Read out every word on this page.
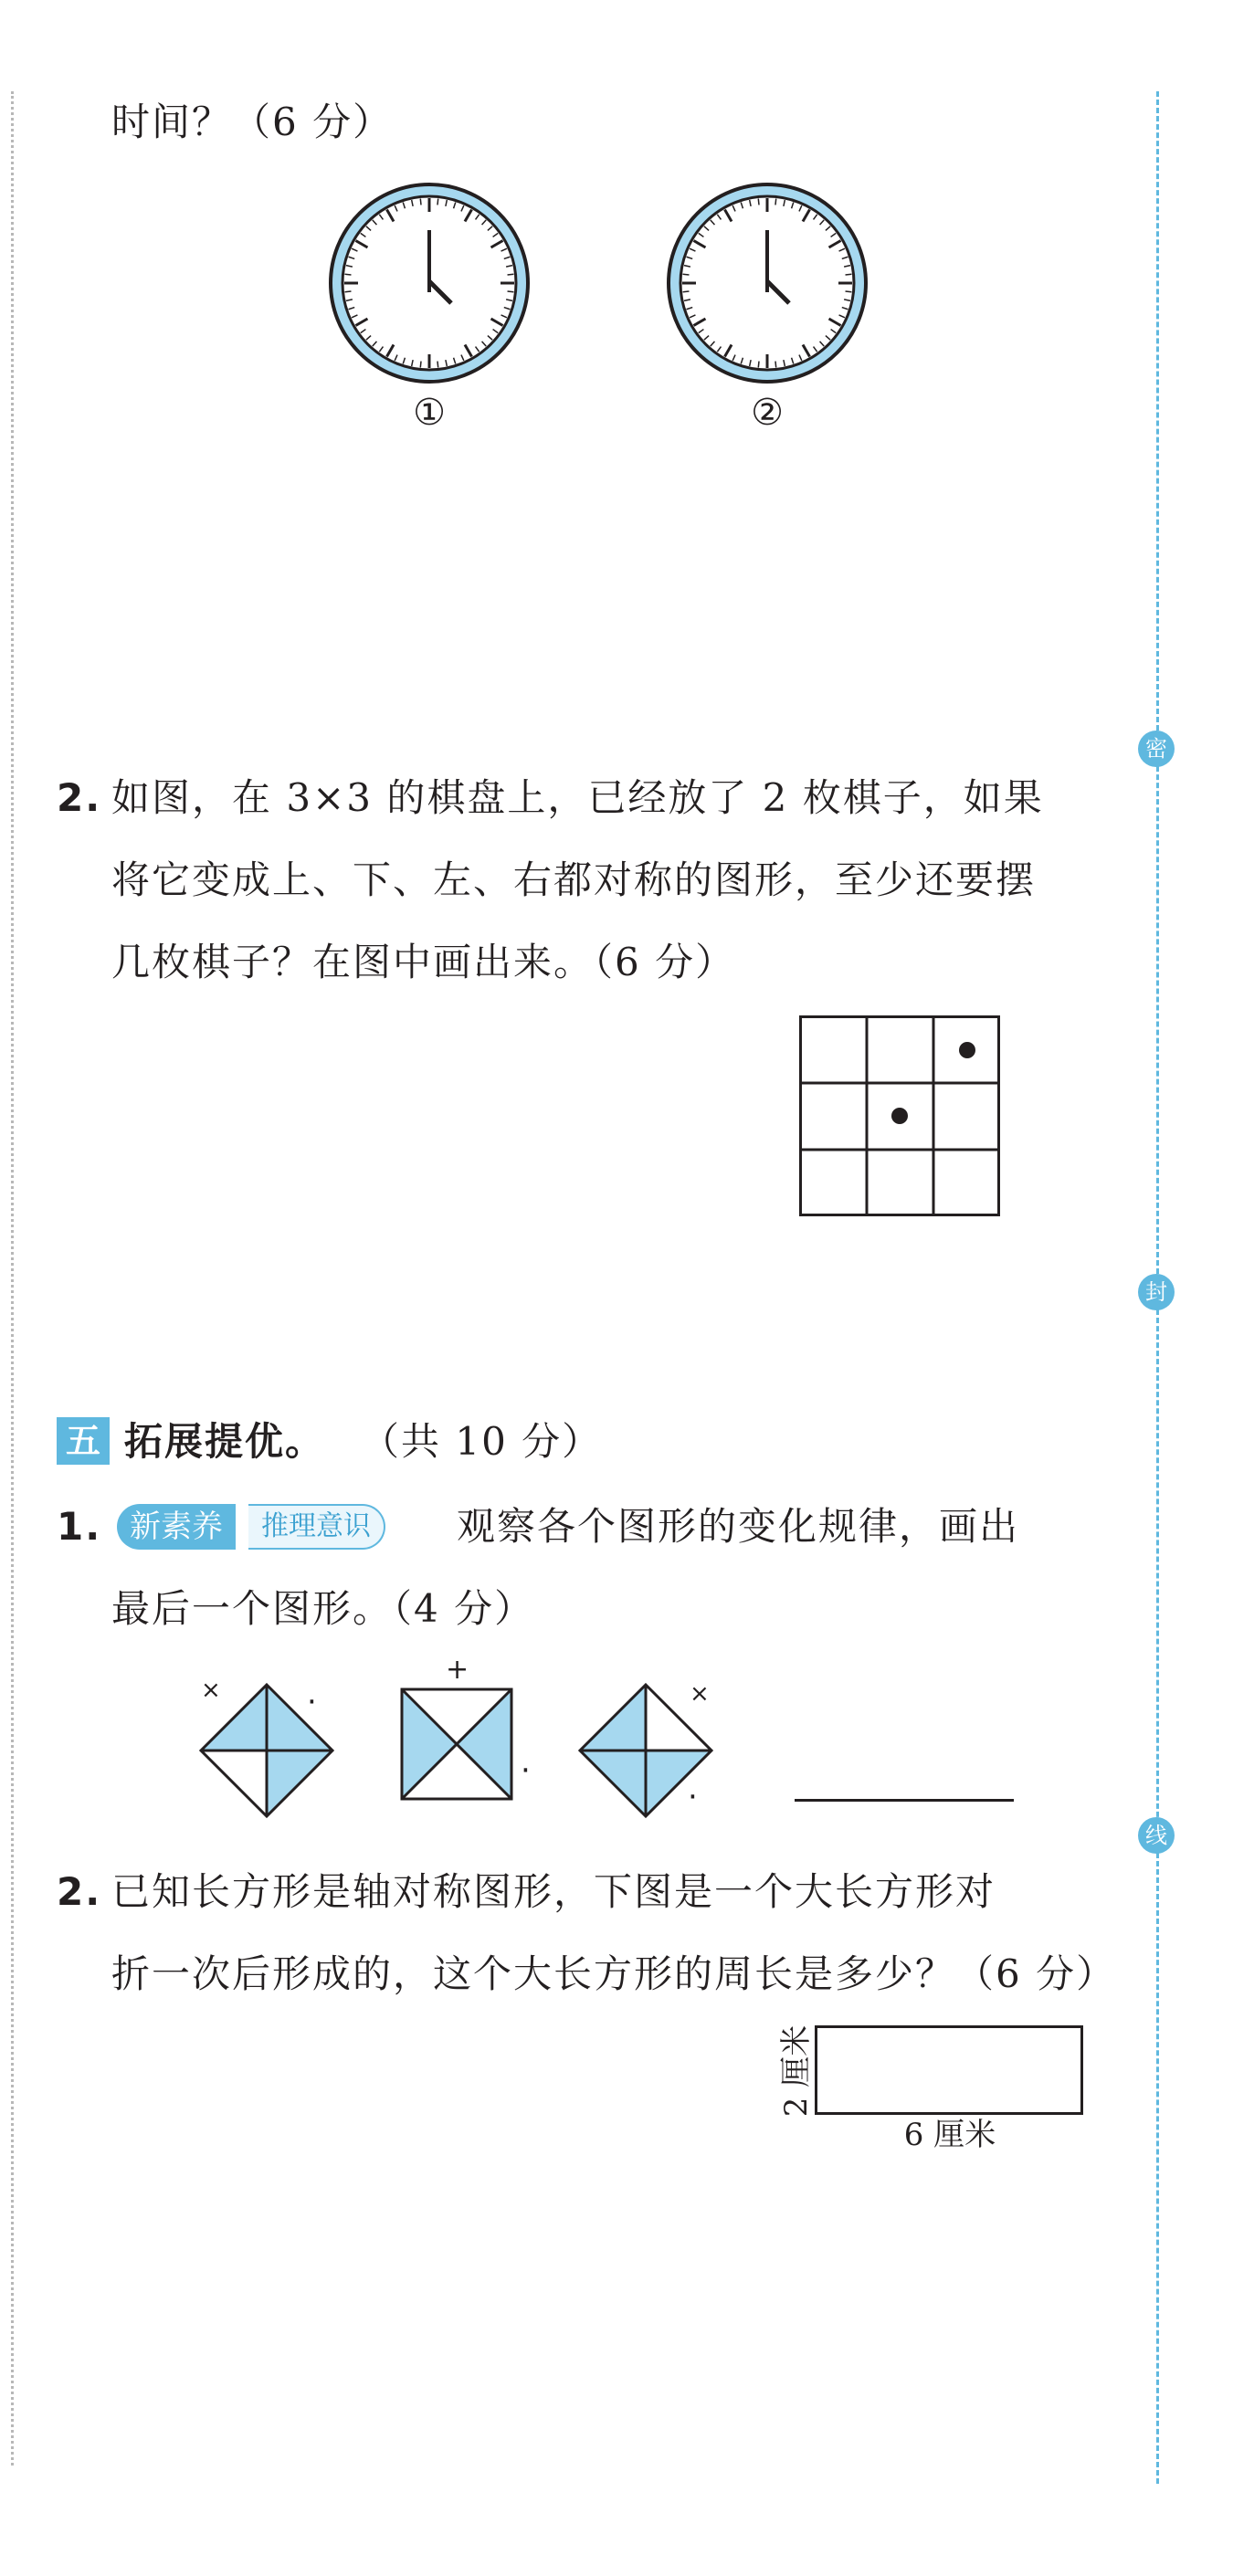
密
封
线
时间？（6 分）
①	②
2. 如图，在 3×3 的棋盘上，已经放了 2 枚棋子，如果
将它变成上、下、左、右都对称的图形，至少还要摆
几枚棋子？在图中画出来。（6 分）
五 拓展提优。 （共 10 分）
1. 新素养	推理意识	观察各个图形的变化规律，画出
最后一个图形。（4 分）
×	·
+
·
×
·
2. 已知长方形是轴对称图形，下图是一个大长方形对
折一次后形成的，这个大长方形的周长是多少？（6 分）
2 厘米
6 厘米
